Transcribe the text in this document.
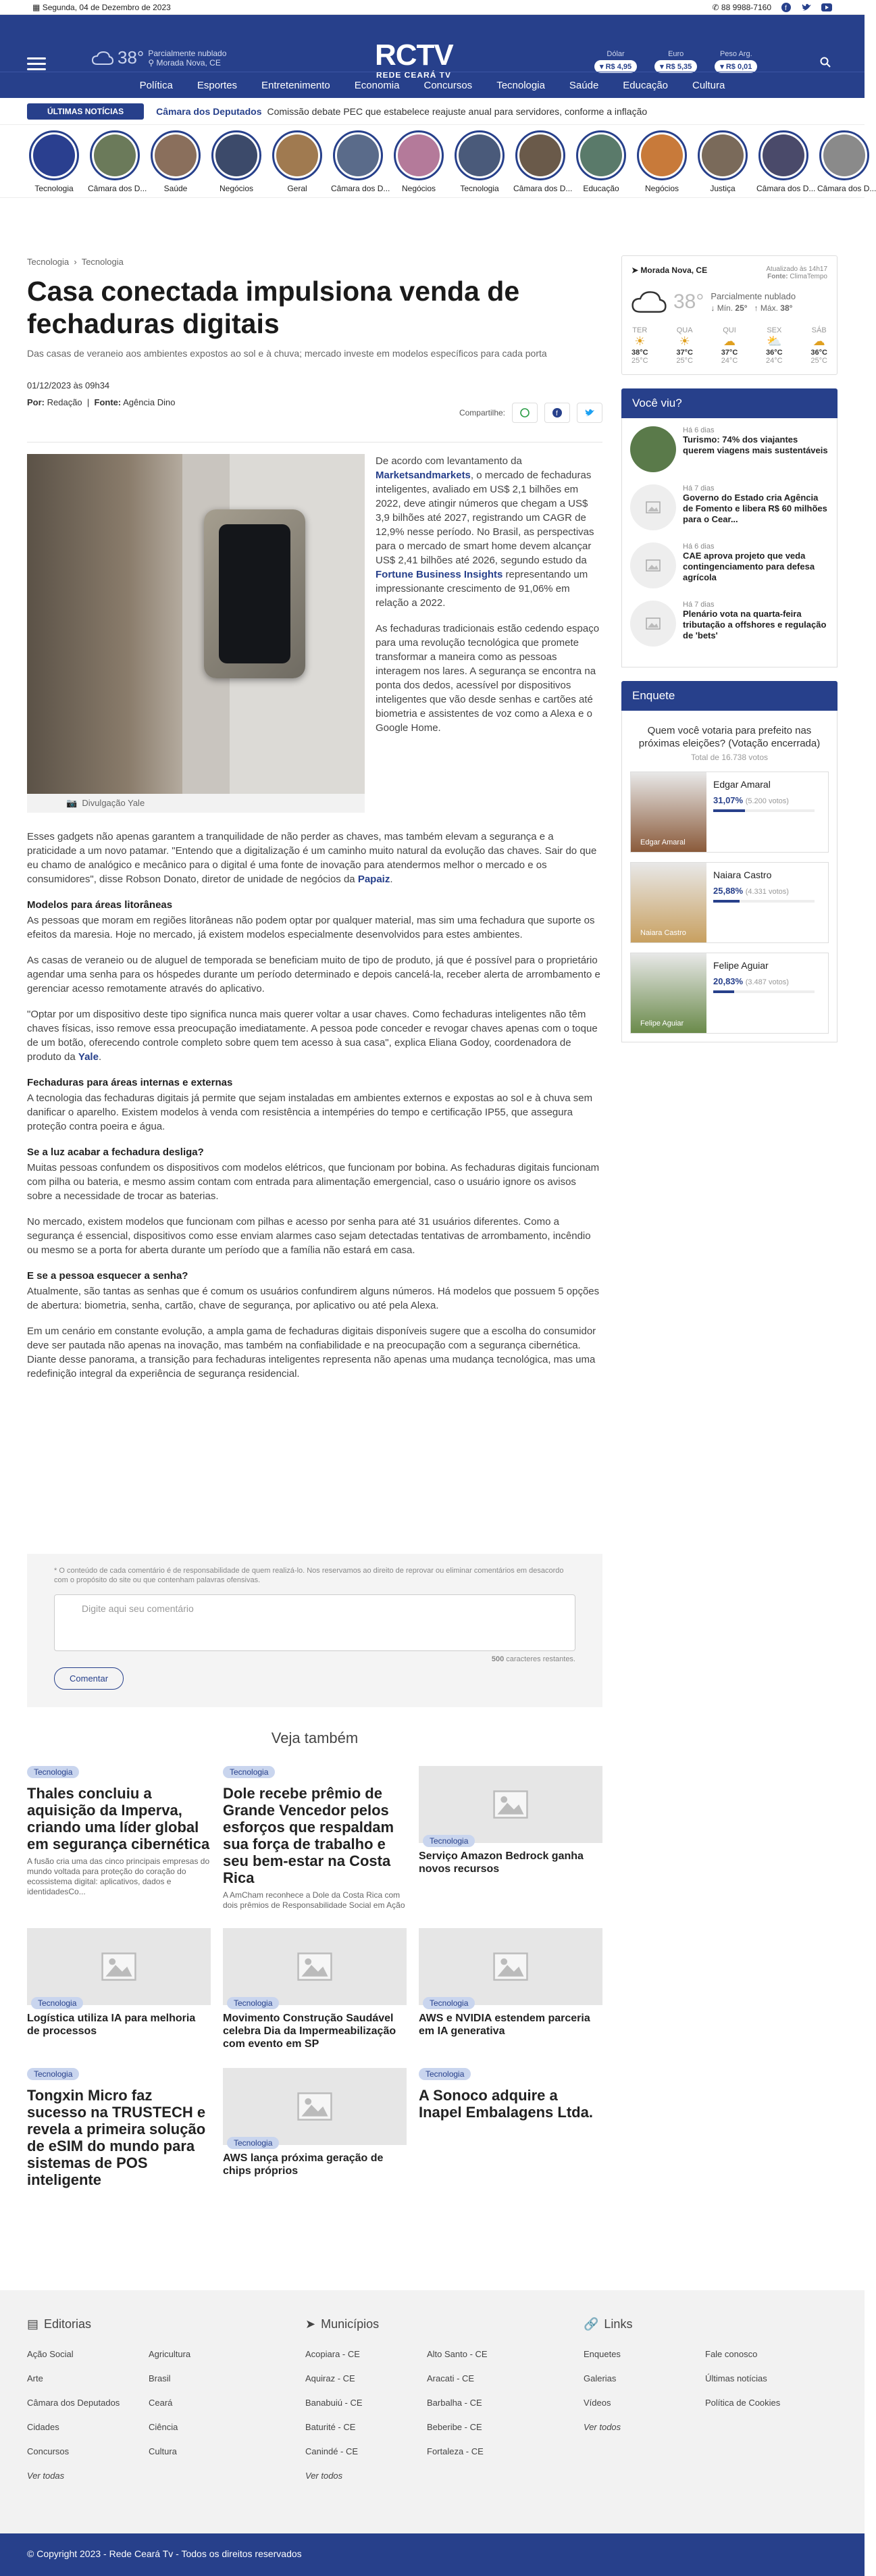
▦ Segunda, 04 de Dezembro de 2023	✆ 88 9988-7160 f
38° Parcialmente nublado
⚲ Morada Nova, CE	RCTV
REDE CEARÁ TV
Dólar
▾ R$ 4,95
Euro
▾ R$ 5,35
Peso Arg.
▾ R$ 0,01
Política	Esportes	Entretenimento	Economia	Concursos	Tecnologia	Saúde	Educação	Cultura
ÚLTIMAS NOTÍCIAS	Câmara dos Deputados Comissão debate PEC que estabelece reajuste anual para servidores, conforme a inflação
Tecnologia	Câmara dos D...	Saúde	Negócios	Geral	Câmara dos D...	Negócios	Tecnologia	Câmara dos D...	Educação	Negócios	Justiça	Câmara dos D... Câmara dos D...
Tecnologia  ›  Tecnologia
Casa conectada impulsiona venda de fechaduras digitais
Das casas de veraneio aos ambientes expostos ao sol e à chuva; mercado investe em modelos específicos para cada porta
01/12/2023 às 09h34
Por: Redação  |  Fonte: Agência Dino
Compartilhe:	f
📷 Divulgação Yale

De acordo com levantamento da Marketsandmarkets, o mercado de fechaduras inteligentes, avaliado em US$ 2,1 bilhões em 2022, deve atingir números que chegam a US$ 3,9 bilhões até 2027, registrando um CAGR de 12,9% nesse período. No Brasil, as perspectivas para o mercado de smart home devem alcançar US$ 2,41 bilhões até 2026, segundo estudo da Fortune Business Insights representando um impressionante crescimento de 91,06% em relação a 2022.

As fechaduras tradicionais estão cedendo espaço para uma revolução tecnológica que promete transformar a maneira como as pessoas interagem nos lares. A segurança se encontra na ponta dos dedos, acessível por dispositivos inteligentes que vão desde senhas e cartões até biometria e assistentes de voz como a Alexa e o Google Home.

Esses gadgets não apenas garantem a tranquilidade de não perder as chaves, mas também elevam a segurança e a praticidade a um novo patamar. "Entendo que a digitalização é um caminho muito natural da evolução das chaves. Sair do que eu chamo de analógico e mecânico para o digital é uma fonte de inovação para atendermos melhor o mercado e os consumidores", disse Robson Donato, diretor de unidade de negócios da Papaiz.

Modelos para áreas litorâneas

As pessoas que moram em regiões litorâneas não podem optar por qualquer material, mas sim uma fechadura que suporte os efeitos da maresia. Hoje no mercado, já existem modelos especialmente desenvolvidos para estes ambientes.

As casas de veraneio ou de aluguel de temporada se beneficiam muito de tipo de produto, já que é possível para o proprietário agendar uma senha para os hóspedes durante um período determinado e depois cancelá-la, receber alerta de arrombamento e gerenciar acesso remotamente através do aplicativo.

"Optar por um dispositivo deste tipo significa nunca mais querer voltar a usar chaves. Como fechaduras inteligentes não têm chaves físicas, isso remove essa preocupação imediatamente. A pessoa pode conceder e revogar chaves apenas com o toque de um botão, oferecendo controle completo sobre quem tem acesso à sua casa", explica Eliana Godoy, coordenadora de produto da Yale.

Fechaduras para áreas internas e externas

A tecnologia das fechaduras digitais já permite que sejam instaladas em ambientes externos e expostas ao sol e à chuva sem danificar o aparelho. Existem modelos à venda com resistência a intempéries do tempo e certificação IP55, que assegura proteção contra poeira e água.

Se a luz acabar a fechadura desliga?

Muitas pessoas confundem os dispositivos com modelos elétricos, que funcionam por bobina. As fechaduras digitais funcionam com pilha ou bateria, e mesmo assim contam com entrada para alimentação emergencial, caso o usuário ignore os avisos sobre a necessidade de trocar as baterias.

No mercado, existem modelos que funcionam com pilhas e acesso por senha para até 31 usuários diferentes. Como a segurança é essencial, dispositivos como esse enviam alarmes caso sejam detectadas tentativas de arrombamento, incêndio ou mesmo se a porta for aberta durante um período que a família não estará em casa.

E se a pessoa esquecer a senha?

Atualmente, são tantas as senhas que é comum os usuários confundirem alguns números. Há modelos que possuem 5 opções de abertura: biometria, senha, cartão, chave de segurança, por aplicativo ou até pela Alexa.

Em um cenário em constante evolução, a ampla gama de fechaduras digitais disponíveis sugere que a escolha do consumidor deve ser pautada não apenas na inovação, mas também na confiabilidade e na preocupação com a segurança cibernética. Diante desse panorama, a transição para fechaduras inteligentes representa não apenas uma mudança tecnológica, mas uma redefinição integral da experiência de segurança residencial.

➤ Morada Nova, CE	Atualizado às 14h17
Fonte: ClimaTempo
38° Parcialmente nublado
↓ Mín. 25° ↑ Máx. 38°
TER
☀
38°C
25°C
QUA
☀
37°C
25°C
QUI
☁
37°C
24°C
SEX
⛅
36°C
24°C
SÁB
☁
36°C
25°C
Você viu?
Há 6 dias
Turismo: 74% dos viajantes querem viagens mais sustentáveis
Há 7 dias
Governo do Estado cria Agência de Fomento e libera R$ 60 milhões para o Cear...
Há 6 dias
CAE aprova projeto que veda contingenciamento para defesa agrícola
Há 7 dias
Plenário vota na quarta-feira tributação a offshores e regulação de 'bets'
Enquete
Quem você votaria para prefeito nas próximas eleições? (Votação encerrada)
Total de 16.738 votos
Edgar Amaral
Edgar Amaral
31,07% (5.200 votos)
Naiara Castro
Naiara Castro
25,88% (4.331 votos)
Felipe Aguiar
Felipe Aguiar
20,83% (3.487 votos)
* O conteúdo de cada comentário é de responsabilidade de quem realizá-lo. Nos reservamos ao direito de reprovar ou eliminar comentários em desacordo com o propósito do site ou que contenham palavras ofensivas.
Digite aqui seu comentário
500 caracteres restantes.
Comentar
Veja também
Tecnologia
Thales concluiu a aquisição da Imperva, criando uma líder global em segurança cibernética
A fusão cria uma das cinco principais empresas do mundo voltada para proteção do coração do ecossistema digital: aplicativos, dados e identidadesCo...
Tecnologia
Dole recebe prêmio de Grande Vencedor pelos esforços que respaldam sua força de trabalho e seu bem-estar na Costa Rica
A AmCham reconhece a Dole da Costa Rica com dois prêmios de Responsabilidade Social em Ação
Tecnologia
Serviço Amazon Bedrock ganha novos recursos
Tecnologia
Logística utiliza IA para melhoria de processos
Tecnologia
Movimento Construção Saudável celebra Dia da Impermeabilização com evento em SP
Tecnologia
AWS e NVIDIA estendem parceria em IA generativa
Tecnologia
Tongxin Micro faz sucesso na TRUSTECH e revela a primeira solução de eSIM do mundo para sistemas de POS inteligente
Tecnologia
AWS lança próxima geração de chips próprios
Tecnologia
A Sonoco adquire a Inapel Embalagens Ltda.
▤ Editorias
Ação Social	Agricultura
Arte	Brasil
Câmara dos Deputados	Ceará
Cidades	Ciência
Concursos	Cultura
Ver todas
➤ Municípios
Acopiara - CE	Alto Santo - CE
Aquiraz - CE	Aracati - CE
Banabuiú - CE	Barbalha - CE
Baturité - CE	Beberibe - CE
Canindé - CE	Fortaleza - CE
Ver todos
🔗 Links
Enquetes	Fale conosco
Galerias	Últimas notícias
Vídeos	Política de Cookies
Ver todos
© Copyright 2023 - Rede Ceará Tv - Todos os direitos reservados
